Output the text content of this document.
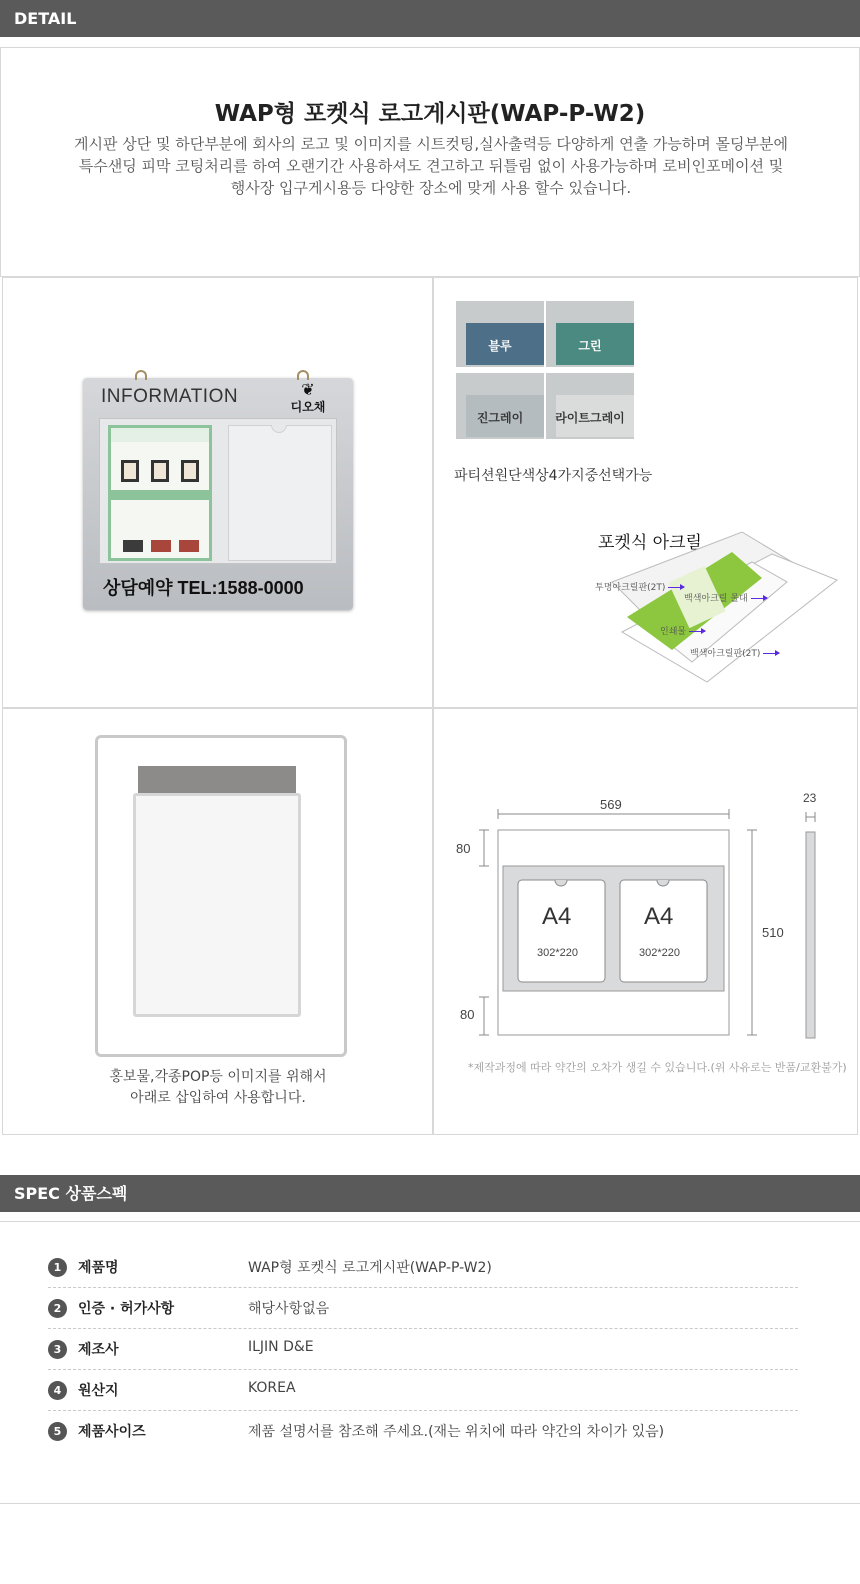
DETAIL
WAP형 포켓식 로고게시판(WAP-P-W2)
게시판 상단 및 하단부분에 회사의 로고 및 이미지를 시트컷팅,실사출력등 다양하게 연출 가능하며 몰딩부분에
특수샌딩 피막 코팅처리를 하여 오랜기간 사용하셔도 견고하고 뒤틀림 없이 사용가능하며 로비인포메이션 및
행사장 입구게시용등 다양한 장소에 맞게 사용 할수 있습니다.
INFORMATION	❦
디오채
상담예약 TEL:1588-0000
블루	그린
진그레이	라이트그레이
파티션원단색상4가지중선택가능
포켓식 아크릴
투명아크릴판(2T)
백색아크릴 몰대
인쇄물
백색아크릴판(2T)
홍보물,각종POP등 이미지를 위해서
아래로 삽입하여 사용합니다.
569	23
80
510
80
A4
302*220
A4
302*220
*제작과정에 따라 약간의 오차가 생길 수 있습니다.(위 사유로는 반품/교환불가)
SPEC 상품스펙
1	제품명	WAP형 포켓식 로고게시판(WAP-P-W2)
2	인증 · 허가사항	해당사항없음
3	제조사	ILJIN D&E
4	원산지	KOREA
5	제품사이즈	제품 설명서를 참조해 주세요.(재는 위치에 따라 약간의 차이가 있음)
